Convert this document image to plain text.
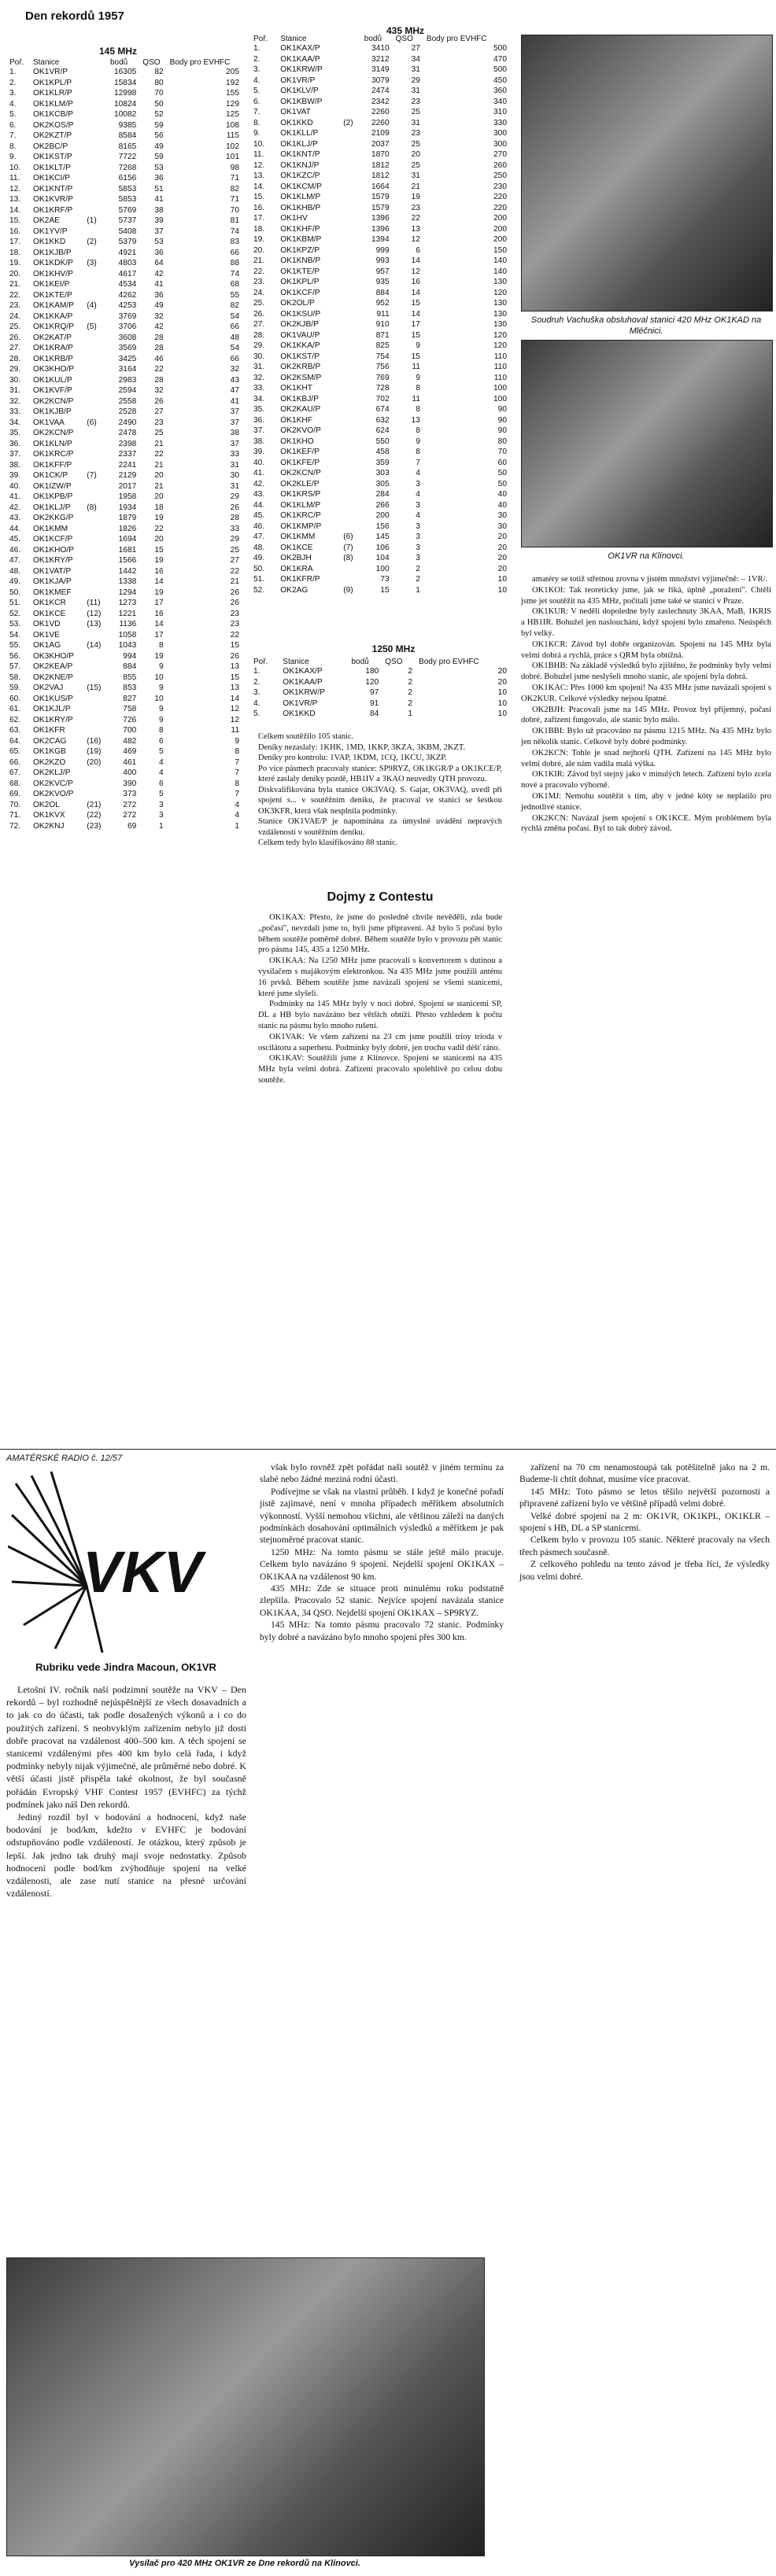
Den rekordů 1957
145 MHz
435 MHz
Poř.	Stanice		bodů	QSO	Body pro EVHFC
1.	OK1VR/P		16305	82	205
2.	OK1KPL/P		15834	80	192
3.	OK1KLR/P		12998	70	155
4.	OK1KLM/P		10824	50	129
5.	OK1KCB/P		10082	52	125
6.	OK2KOS/P		9385	59	108
7.	OK2KZT/P		8584	56	115
8.	OK2BC/P		8165	49	102
9.	OK1KST/P		7722	59	101
10.	OK1KLT/P		7268	53	98
11.	OK1KCI/P		6156	36	71
12.	OK1KNT/P		5853	51	82
13.	OK1KVR/P		5853	41	71
14.	OK1KRF/P		5769	38	70
15.	OK2AE	(1)	5737	39	81
16.	OK1YV/P		5408	37	74
17.	OK1KKD	(2)	5379	53	83
18.	OK1KJB/P		4921	36	66
19.	OK1KDK/P	(3)	4803	64	88
20.	OK1KHV/P		4617	42	74
21.	OK1KEI/P		4534	41	68
22.	OK1KTE/P		4262	36	55
23.	OK1KAM/P	(4)	4253	49	82
24.	OK1KKA/P		3769	32	54
25.	OK1KRQ/P	(5)	3706	42	66
26.	OK2KAT/P		3608	28	48
27.	OK1KRA/P		3569	28	54
28.	OK1KRB/P		3425	46	66
29.	OK3KHO/P		3164	22	32
30.	OK1KUL/P		2983	28	43
31.	OK1KVF/P		2594	32	47
32.	OK2KCN/P		2558	26	41
33.	OK1KJB/P		2528	27	37
34.	OK1VAA	(6)	2490	23	37
35.	OK2KCN/P		2478	25	38
36.	OK1KLN/P		2398	21	37
37.	OK1KRC/P		2337	22	33
38.	OK1KFF/P		2241	21	31
39.	OK1CK/P	(7)	2129	20	30
40.	OK1IZW/P		2017	21	31
41.	OK1KPB/P		1958	20	29
42.	OK1KLJ/P	(8)	1934	18	26
43.	OK2KKG/P		1879	19	28
44.	OK1KMM		1826	22	33
45.	OK1KCF/P		1694	20	29
46.	OK1KHO/P		1681	15	25
47.	OK1KRY/P		1566	19	27
48.	OK1VAT/P		1442	16	22
49.	OK1KJA/P		1338	14	21
50.	OK1KMEF		1294	19	26
51.	OK1KCR	(11)	1273	17	26
52.	OK1KCE	(12)	1221	16	23
53.	OK1VD	(13)	1136	14	23
54.	OK1VE		1058	17	22
55.	OK1AG	(14)	1043	8	15
56.	OK3KHO/P		994	19	26
57.	OK2KEA/P		884	9	13
58.	OK2KNE/P		855	10	15
59.	OK2VAJ	(15)	853	9	13
60.	OK1KUS/P		827	10	14
61.	OK1KJL/P		758	9	12
62.	OK1KRY/P		726	9	12
63.	OK1KFR		700	8	11
64.	OK2CAG	(16)	482	6	9
65.	OK1KGB	(19)	469	5	8
66.	OK2KZO	(20)	461	4	7
67.	OK2KLJ/P		400	4	7
68.	OK2KVC/P		390	6	8
69.	OK2KVO/P		373	5	7
70.	OK2OL	(21)	272	3	4
71.	OK1KVX	(22)	272	3	4
72.	OK2KNJ	(23)	69	1	1
Poř.	Stanice		bodů	QSO	Body pro EVHFC
1.	OK1KAX/P		3410	27	500
2.	OK1KAA/P		3212	34	470
3.	OK1KRW/P		3149	31	500
4.	OK1VR/P		3079	29	450
5.	OK1KLV/P		2474	31	360
6.	OK1KBW/P		2342	23	340
7.	OK1VAT		2260	25	310
8.	OK1KKD	(2)	2260	31	330
9.	OK1KLL/P		2109	23	300
10.	OK1KLJ/P		2037	25	300
11.	OK1KNT/P		1870	20	270
12.	OK1KNJ/P		1812	25	260
13.	OK1KZC/P		1812	31	250
14.	OK1KCM/P		1664	21	230
15.	OK1KLM/P		1579	19	220
16.	OK1KHB/P		1579	23	220
17.	OK1HV		1396	22	200
18.	OK1KHF/P		1396	13	200
19.	OK1KBM/P		1394	12	200
20.	OK1KPZ/P		999	6	150
21.	OK1KNB/P		993	14	140
22.	OK1KTE/P		957	12	140
23.	OK1KPL/P		935	16	130
24.	OK1KCF/P		884	14	120
25.	OK2OL/P		952	15	130
26.	OK1KSU/P		911	14	130
27.	OK2KJB/P		910	17	130
28.	OK1VAU/P		871	15	120
29.	OK1KKA/P		825	9	120
30.	OK1KST/P		754	15	110
31.	OK2KRB/P		756	11	110
32.	OK2KSM/P		769	9	110
33.	OK1KHT		728	8	100
34.	OK1KBJ/P		702	11	100
35.	OK2KAU/P		674	8	90
36.	OK1KHF		632	13	90
37.	OK2KVO/P		624	8	90
38.	OK1KHO		550	9	80
39.	OK1KEF/P		458	8	70
40.	OK1KFE/P		359	7	60
41.	OK2KCN/P		303	4	50
42.	OK2KLE/P		305	3	50
43.	OK1KRS/P		284	4	40
44.	OK1KLM/P		266	3	40
45.	OK1KRC/P		200	4	30
46.	OK1KMP/P		156	3	30
47.	OK1KMM	(6)	145	3	20
48.	OK1KCE	(7)	106	3	20
49.	OK2BJH	(8)	104	3	20
50.	OK1KRA		100	2	20
51.	OK1KFR/P		73	2	10
52.	OK2AG	(9)	15	1	10
1250 MHz
Poř.	Stanice	bodů	QSO	Body pro EVHFC
1.	OK1KAX/P	180	2	20
2.	OK1KAA/P	120	2	20
3.	OK1KRW/P	97	2	10
4.	OK1VR/P	91	2	10
5.	OK1KKD	84	1	10
Celkem soutěžilo 105 stanic.
Deníky nezaslaly: 1KHK, 1MD, 1KKP, 3KZA, 3KBM, 2KZT.
Deníky pro kontrolu: 1VAP, 1KDM, 1CQ, 1KCU, 3KZP.
Po více pásmech pracovaly stanice: SP9RYZ, OK1KGR/P a OK1KCE/P, které zaslaly deníky pozdě, HB1IV a 3KAO neuvedly QTH provozu.
Diskvalifikována byla stanice OK3VAQ. S. Gajar, OK3VAQ, uvedl při spojení s... v soutěžním deníku, že pracoval ve stanici se šestkou OK3KFR, která však nesplnila podmínky.
Stanice OK1VAE/P je napomínána za úmyslné uvádění nepravých vzdáleností v soutěžním deníku.
Celkem tedy bylo klasifikováno 88 stanic.
Dojmy z Contestu

OK1KAX: Přesto, že jsme do posledně chvíle nevěděli, zda bude „počasí", nevzdali jsme to, byli jsme připraveni. Až bylo 5 počasí bylo během soutěže poměrně dobré. Během soutěže bylo v provozu pět stanic pro pásma 145, 435 a 1250 MHz.

OK1KAA: Na 1250 MHz jsme pracovali s konvertorem s dutinou a vysílačem s majákovým elektronkou. Na 435 MHz jsme použili anténu 16 prvků. Během soutěže jsme navázali spojení se všemi stanicemi, které jsme slyšeli.

Podmínky na 145 MHz byly v noci dobré. Spojení se stanicemi SP, DL a HB bylo navázáno bez větších obtíží. Přesto vzhledem k počtu stanic na pásmu bylo mnoho rušení.

OK1VAK: Ve všem zařízení na 23 cm jsme použili trioy trioda v oscilátoru a superhetu. Podmínky byly dobré, jen trochu vadil déšť ráno.

OK1KAV: Soutěžili jsme z Klínovce. Spojení se stanicemi na 435 MHz byla velmi dobrá. Zařízení pracovalo spolehlivě po celou dobu soutěže.

Soudruh Vachuška obsluhoval stanici 420 MHz OK1KAD na Mléčnici.
OK1VR na Klínovci.

amatéry se totiž střetnou zrovna v jistém množství výjimečně: – 1VR/.

OK1KOI: Tak teoreticky jsme, jak se říká, úplně „poražení". Chtěli jsme jet soutěžit na 435 MHz, počítali jsme také se stanicí v Praze.

OK1KUR: V neděli dopoledne byly zaslechnuty 3KAA, MaB, 1KRIS a HB1IR. Bohužel jen naslouchání, když spojení bylo zmařeno. Neúspěch byl velký.

OK1KCR: Závod byl dobře organizován. Spojení na 145 MHz byla velmi dobrá a rychlá, práce s QRM byla obtížná.

OK1BHB: Na základě výsledků bylo zjištěno, že podmínky byly velmi dobré. Bohužel jsme neslyšeli mnoho stanic, ale spojení byla dobrá.

OK1KAC: Přes 1000 km spojení! Na 435 MHz jsme navázali spojení s OK2KUR. Celkové výsledky nejsou špatné.

OK2BJH: Pracovali jsme na 145 MHz. Provoz byl příjemný, počasí dobré, zařízení fungovalo, ale stanic bylo málo.

OK1BBI: Bylo už pracováno na pásmu 1215 MHz. Na 435 MHz bylo jen několik stanic. Celkově byly dobré podmínky.

OK2KCN: Tohle je snad nejhorší QTH. Zařízení na 145 MHz bylo velmi dobré, ale nám vadila malá výška.

OK1KIR: Závod byl stejný jako v minulých letech. Zařízení bylo zcela nové a pracovalo výborně.

OK1MJ: Nemohu soutěžit s tím, aby v jedné kóty se neplatilo pro jednotlivé stanice.

OK2KCN: Navázal jsem spojení s OK1KCE. Mým problémem byla rychlá změna počasí. Byl to tak dobrý závod.

AMATÉRSKÉ RADIO č. 12/57
VKV
Rubriku vede Jindra Macoun, OK1VR

Letošní IV. ročník naší podzimní soutěže na VKV – Den rekordů – byl rozhodně nejúspěšnější ze všech dosavadních a to jak co do účasti, tak podle dosažených výkonů a i co do použitých zařízení. S neobvyklým zařízením nebylo již dosti dobře pracovat na vzdálenost 400–500 km. A těch spojení se stanicemi vzdálenými přes 400 km bylo celá řada, i když podmínky nebyly nijak výjimečné, ale průměrné nebo dobré. K větší účasti jistě přispěla také okolnost, že byl současně pořádán Evropský VHF Contest 1957 (EVHFC) za týchž podmínek jako náš Den rekordů.

Jediný rozdíl byl v bodování a hodnocení, když naše bodování je bod/km, kdežto v EVHFC je bodování odstupňováno podle vzdáleností. Je otázkou, který způsob je lepší. Jak jedno tak druhý mají svoje nedostatky. Způsob hodnocení podle bod/km zvýhodňuje spojení na velké vzdálenosti, ale zase nutí stanice na přesné určování vzdáleností.

však bylo rovněž zpět pořádat naši soutěž v jiném termínu za slabé nebo žádné meziná rodní účasti.

Podívejme se však na vlastní průběh. I když je konečné pořadí jistě zajímavé, není v mnoha případech měřítkem absolutních výkonností. Vyšší nemohou všichni, ale většinou záleží na daných podmínkách dosahování optimálních výsledků a měřítkem je pak stejnoměrné pracovat stanic.

1250 MHz: Na tomto pásmu se stále ještě málo pracuje. Celkem bylo navázáno 9 spojení. Nejdelší spojení OK1KAX – OK1KAA na vzdálenost 90 km.

435 MHz: Zde se situace proti minulému roku podstatně zlepšila. Pracovalo 52 stanic. Nejvíce spojení navázala stanice OK1KAA, 34 QSO. Nejdelší spojení OK1KAX – SP9RYZ.

145 MHz: Na tomto pásmu pracovalo 72 stanic. Podmínky byly dobré a navázáno bylo mnoho spojení přes 300 km.

zařízení na 70 cm nenamostoupá tak potěšitelně jako na 2 m. Budeme-li chtít dohnat, musíme více pracovat.

145 MHz: Toto pásmo se letos těšilo největší pozornosti a připravené zařízení bylo ve většině případů velmi dobré.

Velké dobré spojení na 2 m: OK1VR, OK1KPL, OK1KLR – spojení s HB, DL a SP stanicemi.

Celkem bylo v provozu 105 stanic. Některé pracovaly na všech třech pásmech současně.

Z celkového pohledu na tento závod je třeba říci, že výsledky jsou velmi dobré.

Vysílač pro 420 MHz OK1VR ze Dne rekordů na Klínovci.
